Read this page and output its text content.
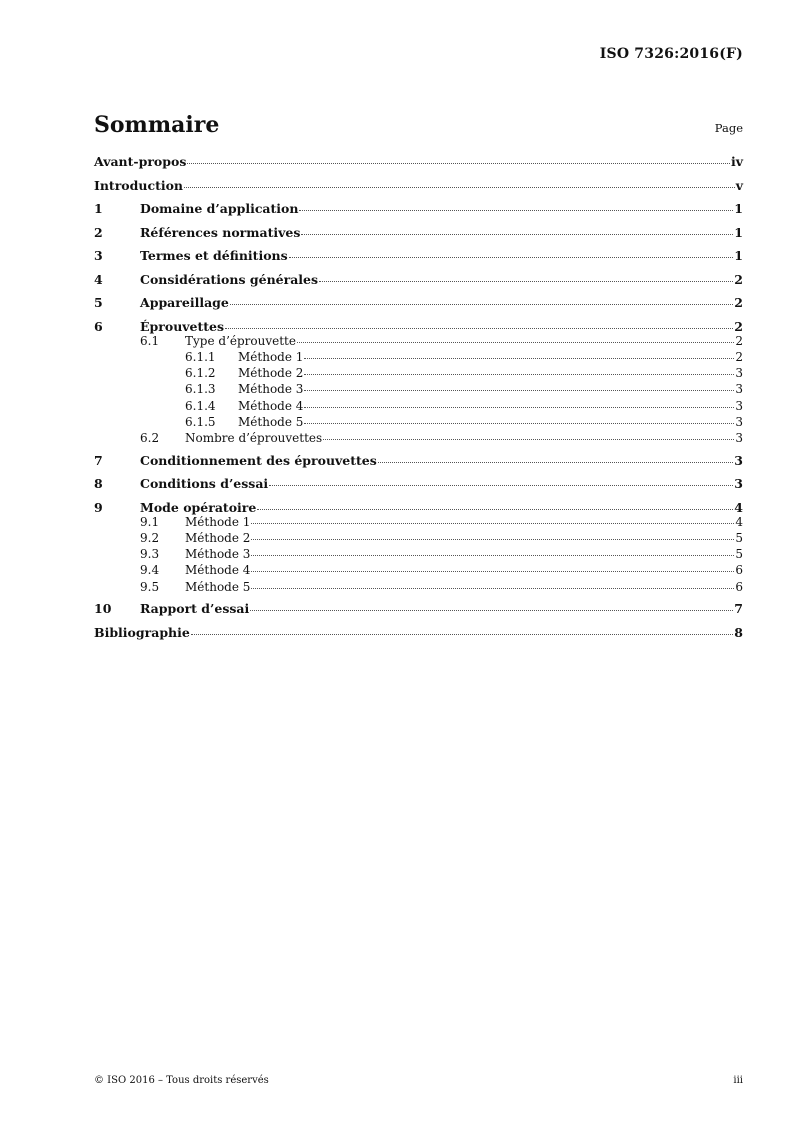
ISO 7326:2016(F)
Sommaire	Page
Avant-propos	iv
Introduction	v
1	Domaine d’application	1
2	Références normatives	1
3	Termes et définitions	1
4	Considérations générales	2
5	Appareillage	2
6	Éprouvettes	2
6.1	Type d’éprouvette	2
6.1.1	Méthode 1	2
6.1.2	Méthode 2	3
6.1.3	Méthode 3	3
6.1.4	Méthode 4	3
6.1.5	Méthode 5	3
6.2	Nombre d’éprouvettes	3
7	Conditionnement des éprouvettes	3
8	Conditions d’essai	3
9	Mode opératoire	4
9.1	Méthode 1	4
9.2	Méthode 2	5
9.3	Méthode 3	5
9.4	Méthode 4	6
9.5	Méthode 5	6
10	Rapport d’essai	7
Bibliographie	8
© ISO 2016 – Tous droits réservés	iii
